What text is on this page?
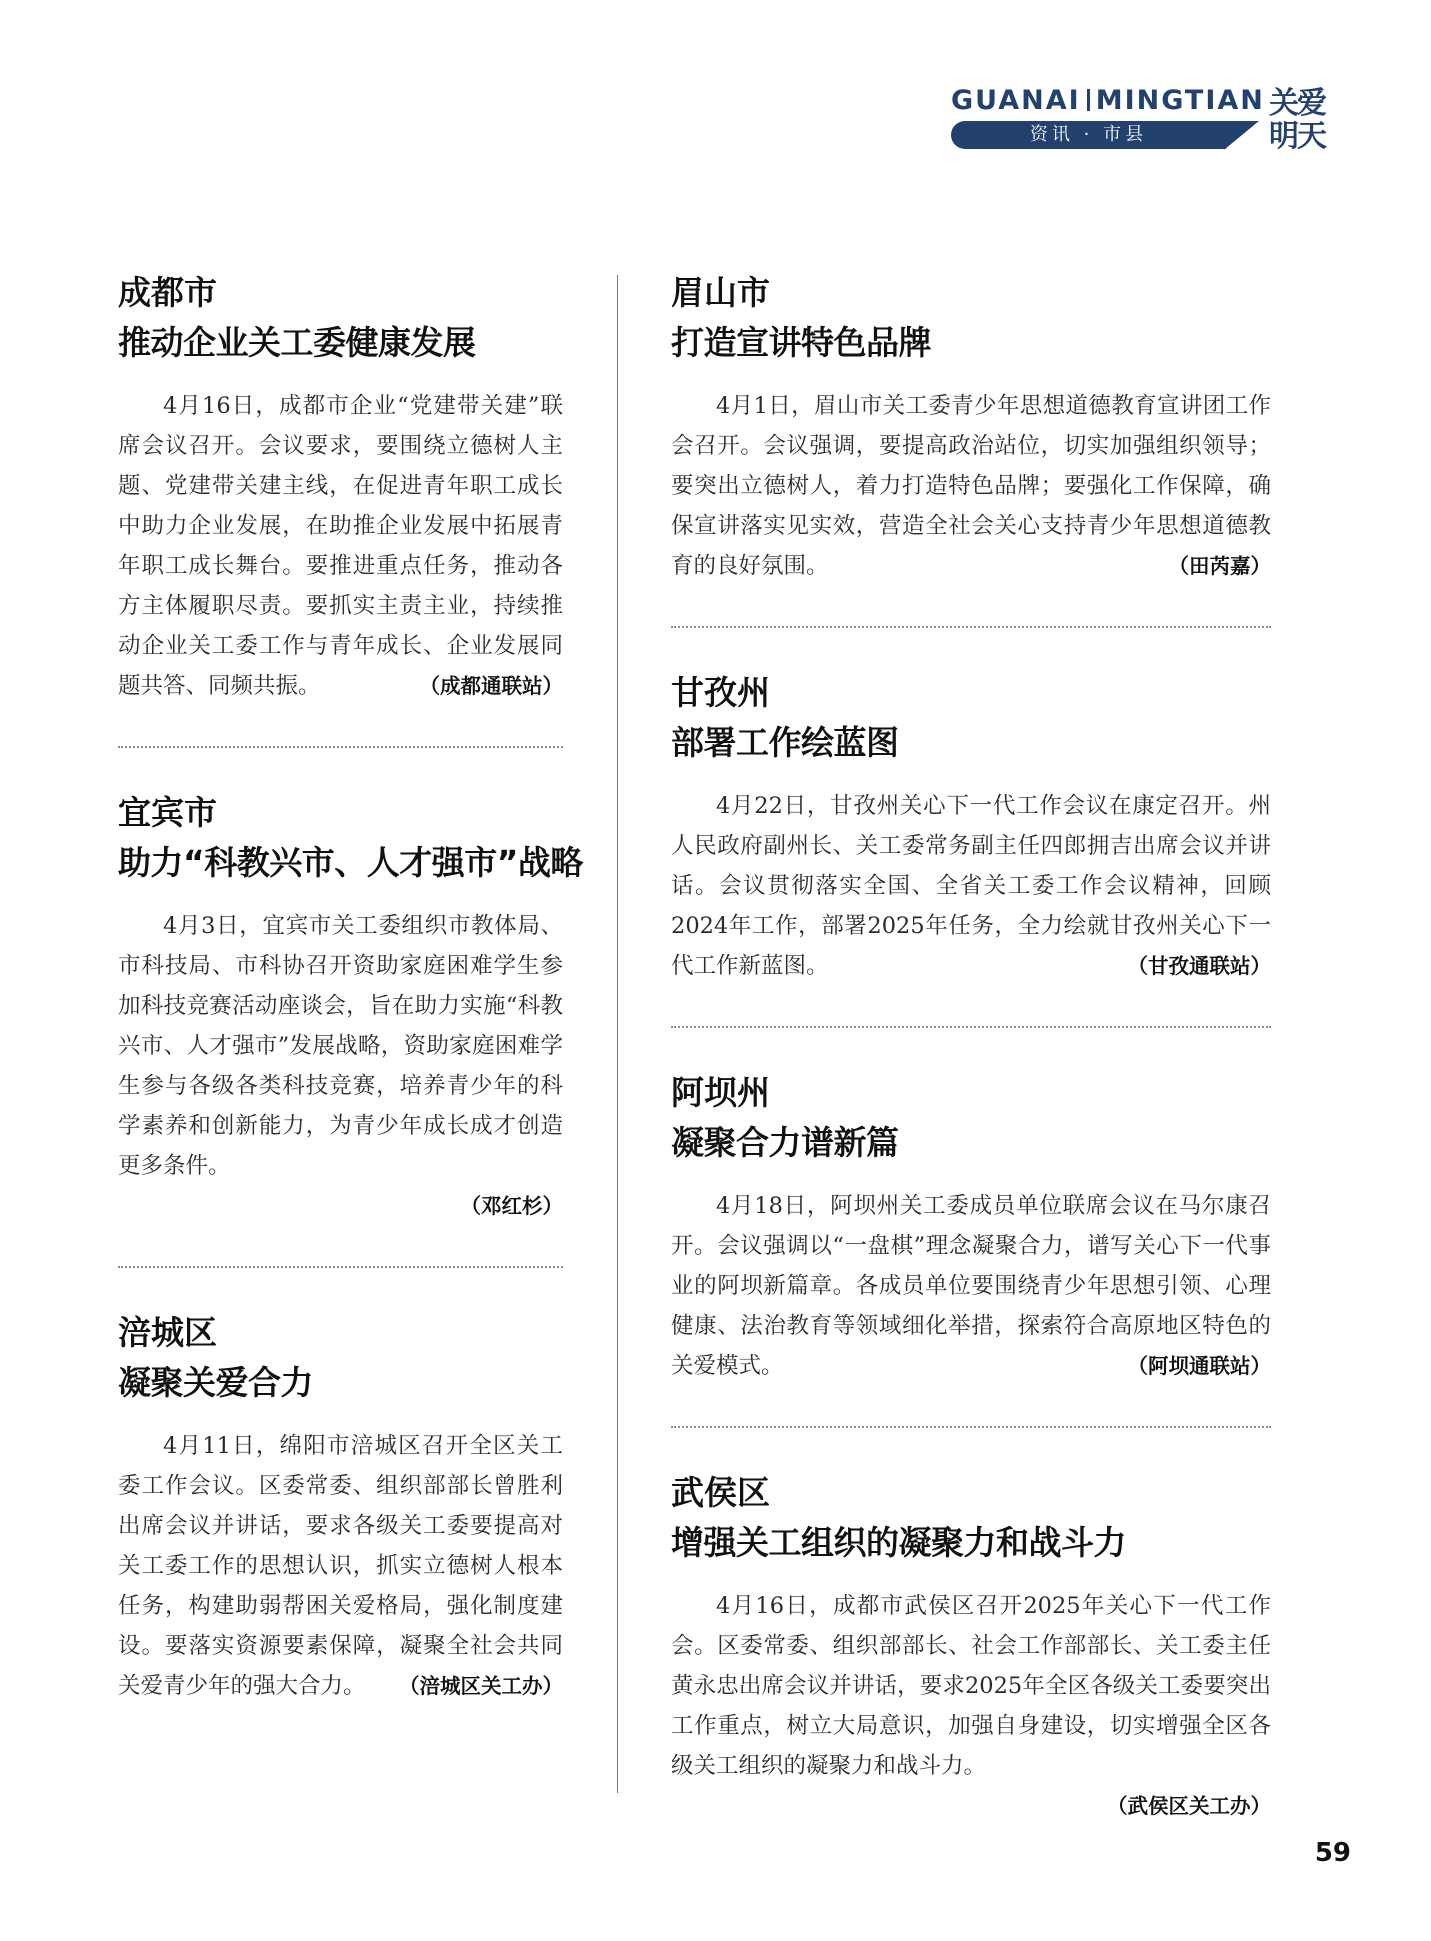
GUANAI MINGTIAN
资讯 · 市县
关爱
明天
成都市
推动企业关工委健康发展

4月16日，成都市企业“党建带关建”联席会议召开。会议要求，要围绕立德树人主题、党建带关建主线，在促进青年职工成长中助力企业发展，在助推企业发展中拓展青年职工成长舞台。要推进重点任务，推动各方主体履职尽责。要抓实主责主业，持续推动企业关工委工作与青年成长、企业发展同题共答、同频共振。	（成都通联站）

宜宾市
助力“科教兴市、人才强市”战略

4月3日，宜宾市关工委组织市教体局、市科技局、市科协召开资助家庭困难学生参加科技竞赛活动座谈会，旨在助力实施“科教兴市、人才强市”发展战略，资助家庭困难学生参与各级各类科技竞赛，培养青少年的科学素养和创新能力，为青少年成长成才创造更多条件。

（邓红杉）

涪城区
凝聚关爱合力

4月11日，绵阳市涪城区召开全区关工委工作会议。区委常委、组织部部长曾胜利出席会议并讲话，要求各级关工委要提高对关工委工作的思想认识，抓实立德树人根本任务，构建助弱帮困关爱格局，强化制度建设。要落实资源要素保障，凝聚全社会共同关爱青少年的强大合力。 （涪城区关工办）

眉山市
打造宣讲特色品牌

4月1日，眉山市关工委青少年思想道德教育宣讲团工作会召开。会议强调，要提高政治站位，切实加强组织领导；要突出立德树人，着力打造特色品牌；要强化工作保障，确保宣讲落实见实效，营造全社会关心支持青少年思想道德教育的良好氛围。	（田芮嘉）

甘孜州
部署工作绘蓝图

4月22日，甘孜州关心下一代工作会议在康定召开。州人民政府副州长、关工委常务副主任四郎拥吉出席会议并讲话。会议贯彻落实全国、全省关工委工作会议精神，回顾2024年工作，部署2025年任务，全力绘就甘孜州关心下一代工作新蓝图。	（甘孜通联站）

阿坝州
凝聚合力谱新篇

4月18日，阿坝州关工委成员单位联席会议在马尔康召开。会议强调以“一盘棋”理念凝聚合力，谱写关心下一代事业的阿坝新篇章。各成员单位要围绕青少年思想引领、心理健康、法治教育等领域细化举措，探索符合高原地区特色的关爱模式。	（阿坝通联站）

武侯区
增强关工组织的凝聚力和战斗力

4月16日，成都市武侯区召开2025年关心下一代工作会。区委常委、组织部部长、社会工作部部长、关工委主任黄永忠出席会议并讲话，要求2025年全区各级关工委要突出工作重点，树立大局意识，加强自身建设，切实增强全区各级关工组织的凝聚力和战斗力。

（武侯区关工办）

59
